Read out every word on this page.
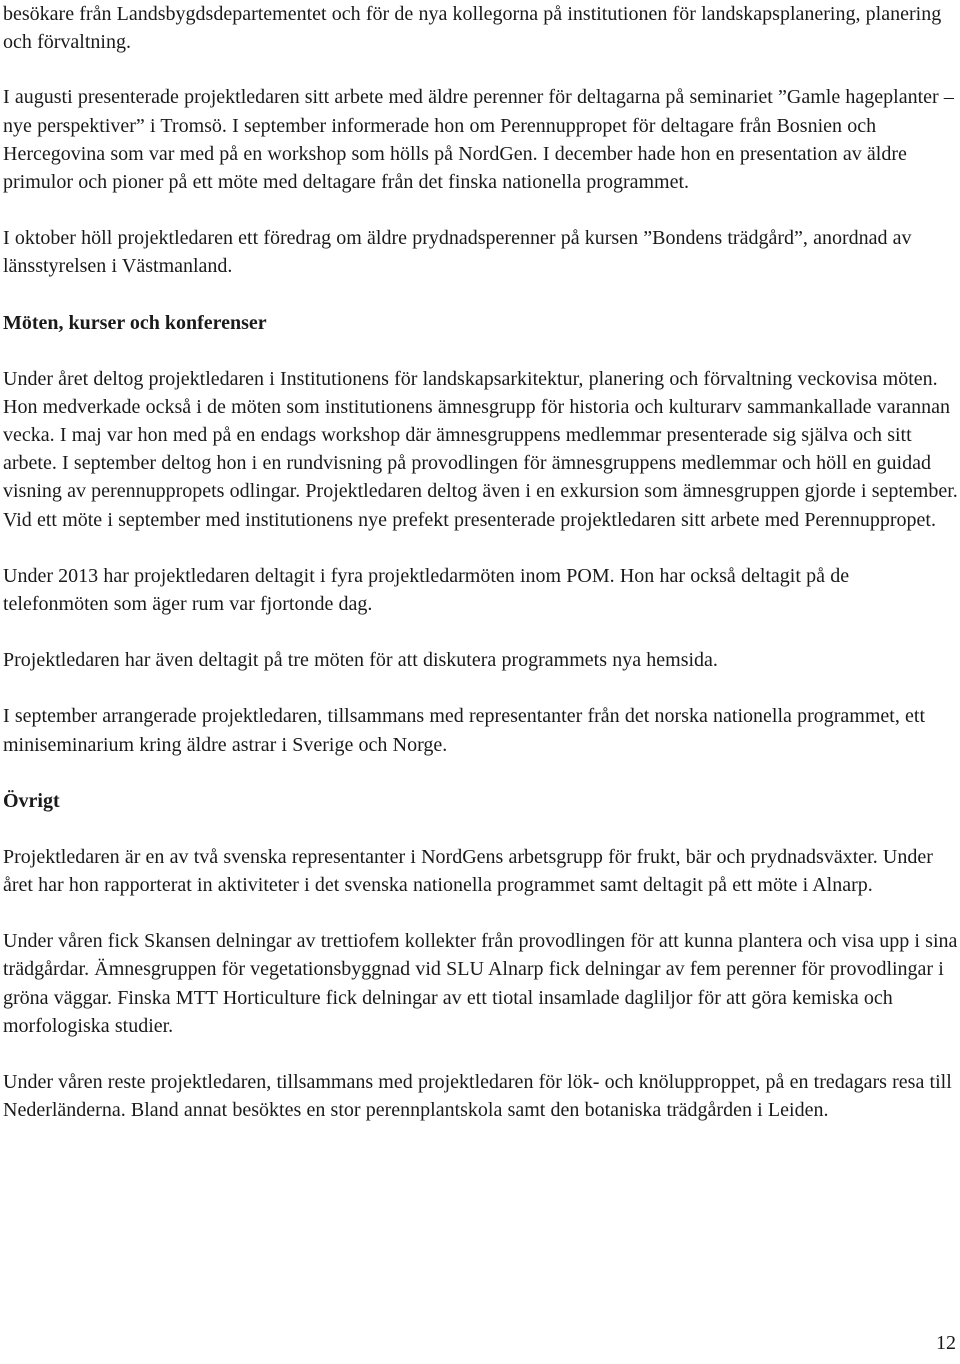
besökare från Landsbygdsdepartementet och för de nya kollegorna på institutionen för landskapsplanering, planering och förvaltning.

I augusti presenterade projektledaren sitt arbete med äldre perenner för deltagarna på seminariet ”Gamle hageplanter – nye perspektiver” i Tromsö. I september informerade hon om Perennuppropet för deltagare från Bosnien och Hercegovina som var med på en workshop som hölls på NordGen. I december hade hon en presentation av äldre primulor och pioner på ett möte med deltagare från det finska nationella programmet.

I oktober höll projektledaren ett föredrag om äldre prydnadsperenner på kursen ”Bondens trädgård”, anordnad av länsstyrelsen i Västmanland.

Möten, kurser och konferenser

Under året deltog projektledaren i Institutionens för landskapsarkitektur, planering och förvaltning veckovisa möten. Hon medverkade också i de möten som institutionens ämnesgrupp för historia och kulturarv sammankallade varannan vecka. I maj var hon med på en endags workshop där ämnesgruppens medlemmar presenterade sig själva och sitt arbete. I september deltog hon i en rundvisning på provodlingen för ämnesgruppens medlemmar och höll en guidad visning av perennuppropets odlingar. Projektledaren deltog även i en exkursion som ämnesgruppen gjorde i september. Vid ett möte i september med institutionens nye prefekt presenterade projektledaren sitt arbete med Perennuppropet.

Under 2013 har projektledaren deltagit i fyra projektledarmöten inom POM. Hon har också deltagit på de telefonmöten som äger rum var fjortonde dag.

Projektledaren har även deltagit på tre möten för att diskutera programmets nya hemsida.

I september arrangerade projektledaren, tillsammans med representanter från det norska nationella programmet, ett miniseminarium kring äldre astrar i Sverige och Norge.

Övrigt

Projektledaren är en av två svenska representanter i NordGens arbetsgrupp för frukt, bär och prydnadsväxter. Under året har hon rapporterat in aktiviteter i det svenska nationella programmet samt deltagit på ett möte i Alnarp.

Under våren fick Skansen delningar av trettiofem kollekter från provodlingen för att kunna plantera och visa upp i sina trädgårdar. Ämnesgruppen för vegetationsbyggnad vid SLU Alnarp fick delningar av fem perenner för provodlingar i gröna väggar. Finska MTT Horticulture fick delningar av ett tiotal insamlade dagliljor för att göra kemiska och morfologiska studier.

Under våren reste projektledaren, tillsammans med projektledaren för lök- och knölupproppet, på en tredagars resa till Nederländerna. Bland annat besöktes en stor perennplantskola samt den botaniska trädgården i Leiden.

12
